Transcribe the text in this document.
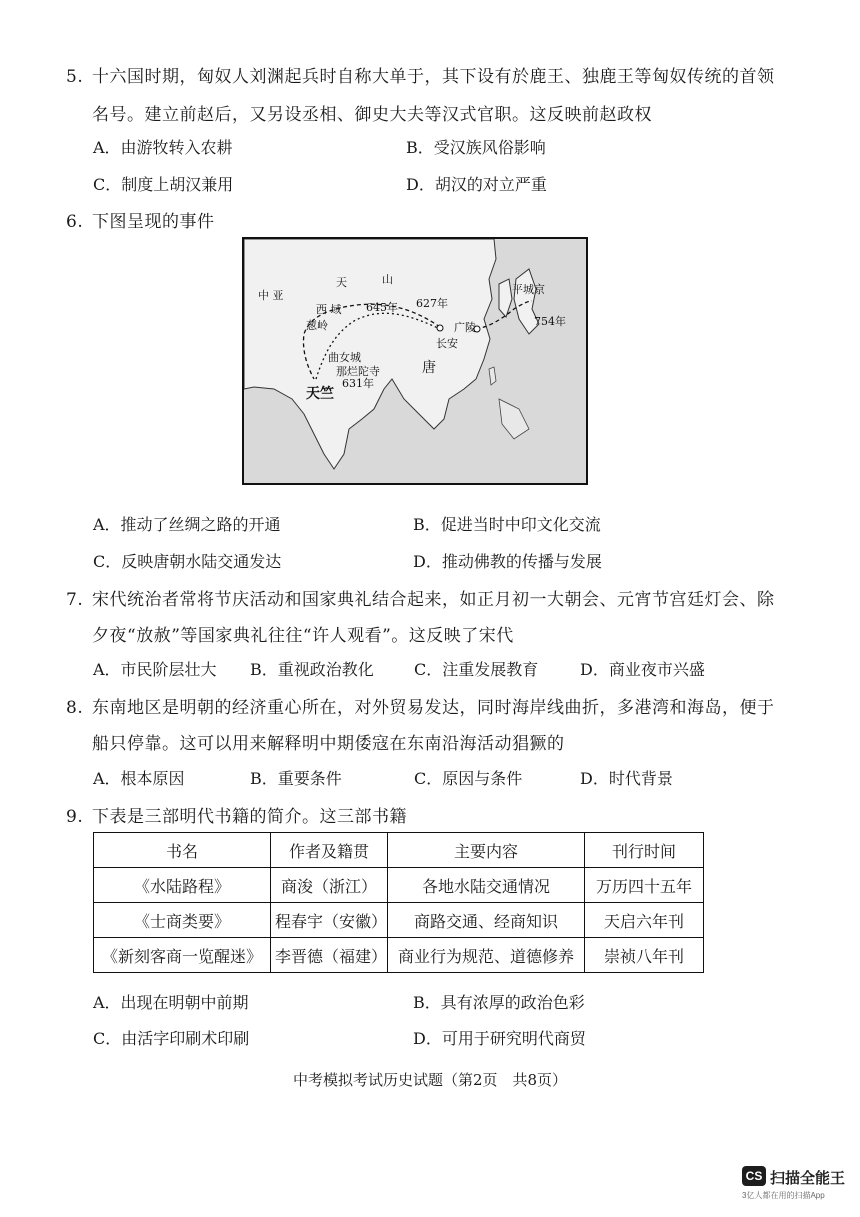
5. 十六国时期，匈奴人刘渊起兵时自称大单于，其下设有於鹿王、独鹿王等匈奴传统的首领
名号。建立前赵后，又另设丞相、御史大夫等汉式官职。这反映前赵政权
A．由游牧转入农耕	B．受汉族风俗影响
C．制度上胡汉兼用	D．胡汉的对立严重
6. 下图呈现的事件
天	山
中 亚
西 域
葱岭
645年 627年
广陵
长安
平城京
754年
唐
曲女城
那烂陀寺
631年
天竺
A．推动了丝绸之路的开通	B．促进当时中印文化交流
C．反映唐朝水陆交通发达	D．推动佛教的传播与发展
7. 宋代统治者常将节庆活动和国家典礼结合起来，如正月初一大朝会、元宵节宫廷灯会、除
夕夜“放赦”等国家典礼往往“许人观看”。这反映了宋代
A．市民阶层壮大 B．重视政治教化	C．注重发展教育	D．商业夜市兴盛
8. 东南地区是明朝的经济重心所在，对外贸易发达，同时海岸线曲折，多港湾和海岛，便于
船只停靠。这可以用来解释明中期倭寇在东南沿海活动猖獗的
A．根本原因	B．重要条件	C．原因与条件	D．时代背景
9. 下表是三部明代书籍的简介。这三部书籍
书名	作者及籍贯	主要内容	刊行时间
《水陆路程》	商浚（浙江）	各地水陆交通情况	万历四十五年
《士商类要》	程春宇（安徽）	商路交通、经商知识	天启六年刊
《新刻客商一览醒迷》	李晋德（福建）	商业行为规范、道德修养	崇祯八年刊
A．出现在明朝中前期	B．具有浓厚的政治色彩
C．由活字印刷术印刷	D．可用于研究明代商贸
中考模拟考试历史试题（第2页　共8页）
CS 扫描全能王
3亿人都在用的扫描App
